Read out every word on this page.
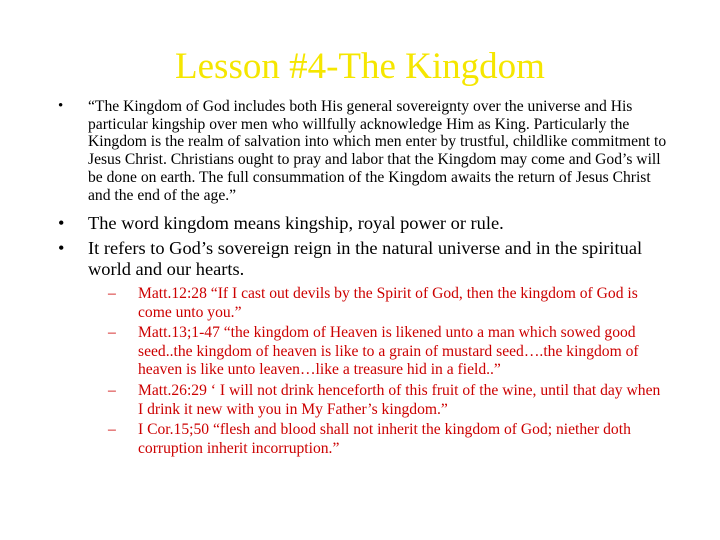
Lesson #4-The Kingdom
• “The Kingdom of God includes both His general sovereignty over the universe and His particular kingship over men who willfully acknowledge Him as King. Particularly the Kingdom is the realm of salvation into which men enter by trustful, childlike commitment to Jesus Christ. Christians ought to pray and labor that the Kingdom may come and God’s will be done on earth. The full consummation of the Kingdom awaits the return of Jesus Christ and the end of the age.”
• The word kingdom means kingship, royal power or rule.
• It refers to God’s sovereign reign in the natural universe and in the spiritual world and our hearts.
– Matt.12:28 “If I cast out devils by the Spirit of God, then the kingdom of God is come unto you.”
– Matt.13;1-47 “the kingdom of Heaven is likened unto a man which sowed good seed..the kingdom of heaven is like to a grain of mustard seed….the kingdom of heaven is like unto leaven…like a treasure hid in a field..”
– Matt.26:29 ‘ I will not drink henceforth of this fruit of the wine, until that day when I drink it new with you in My Father’s kingdom.”
– I Cor.15;50 “flesh and blood shall not inherit the kingdom of God; niether doth corruption inherit incorruption.”
